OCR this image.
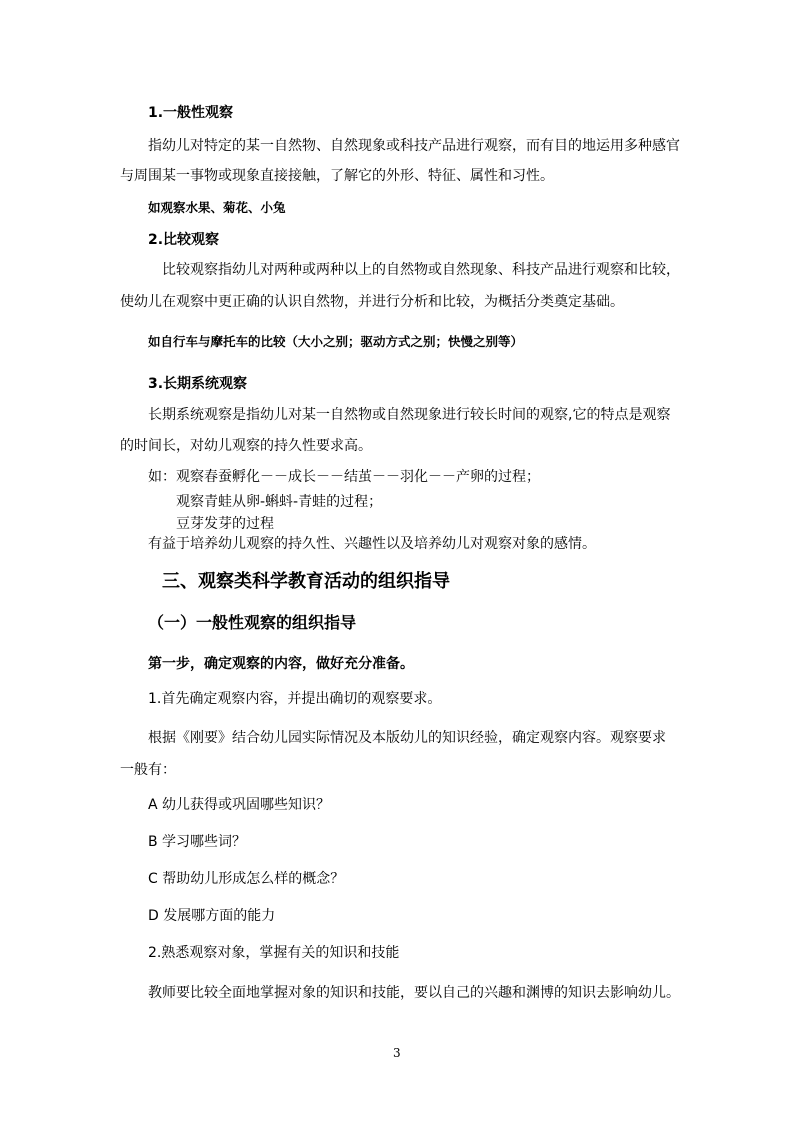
1.一般性观察
指幼儿对特定的某一自然物、自然现象或科技产品进行观察，而有目的地运用多种感官
与周围某一事物或现象直接接触，了解它的外形、特征、属性和习性。
如观察水果、菊花、小兔
2.比较观察
比较观察指幼儿对两种或两种以上的自然物或自然现象、科技产品进行观察和比较，
使幼儿在观察中更正确的认识自然物，并进行分析和比较，为概括分类奠定基础。
如自行车与摩托车的比较（大小之别；驱动方式之别；快慢之别等）
3.长期系统观察
长期系统观察是指幼儿对某一自然物或自然现象进行较长时间的观察,它的特点是观察
的时间长，对幼儿观察的持久性要求高。
如：观察春蚕孵化－－成长－－结茧－－羽化－－产卵的过程；
观察青蛙从卵-蝌蚪-青蛙的过程；
豆芽发芽的过程
有益于培养幼儿观察的持久性、兴趣性以及培养幼儿对观察对象的感情。
三、观察类科学教育活动的组织指导
（一）一般性观察的组织指导
第一步，确定观察的内容，做好充分准备。
1.首先确定观察内容，并提出确切的观察要求。
根据《刚要》结合幼儿园实际情况及本版幼儿的知识经验，确定观察内容。观察要求
一般有：
A 幼儿获得或巩固哪些知识？
B 学习哪些词？
C 帮助幼儿形成怎么样的概念？
D 发展哪方面的能力
2.熟悉观察对象，掌握有关的知识和技能
教师要比较全面地掌握对象的知识和技能，要以自己的兴趣和渊博的知识去影响幼儿。
3
